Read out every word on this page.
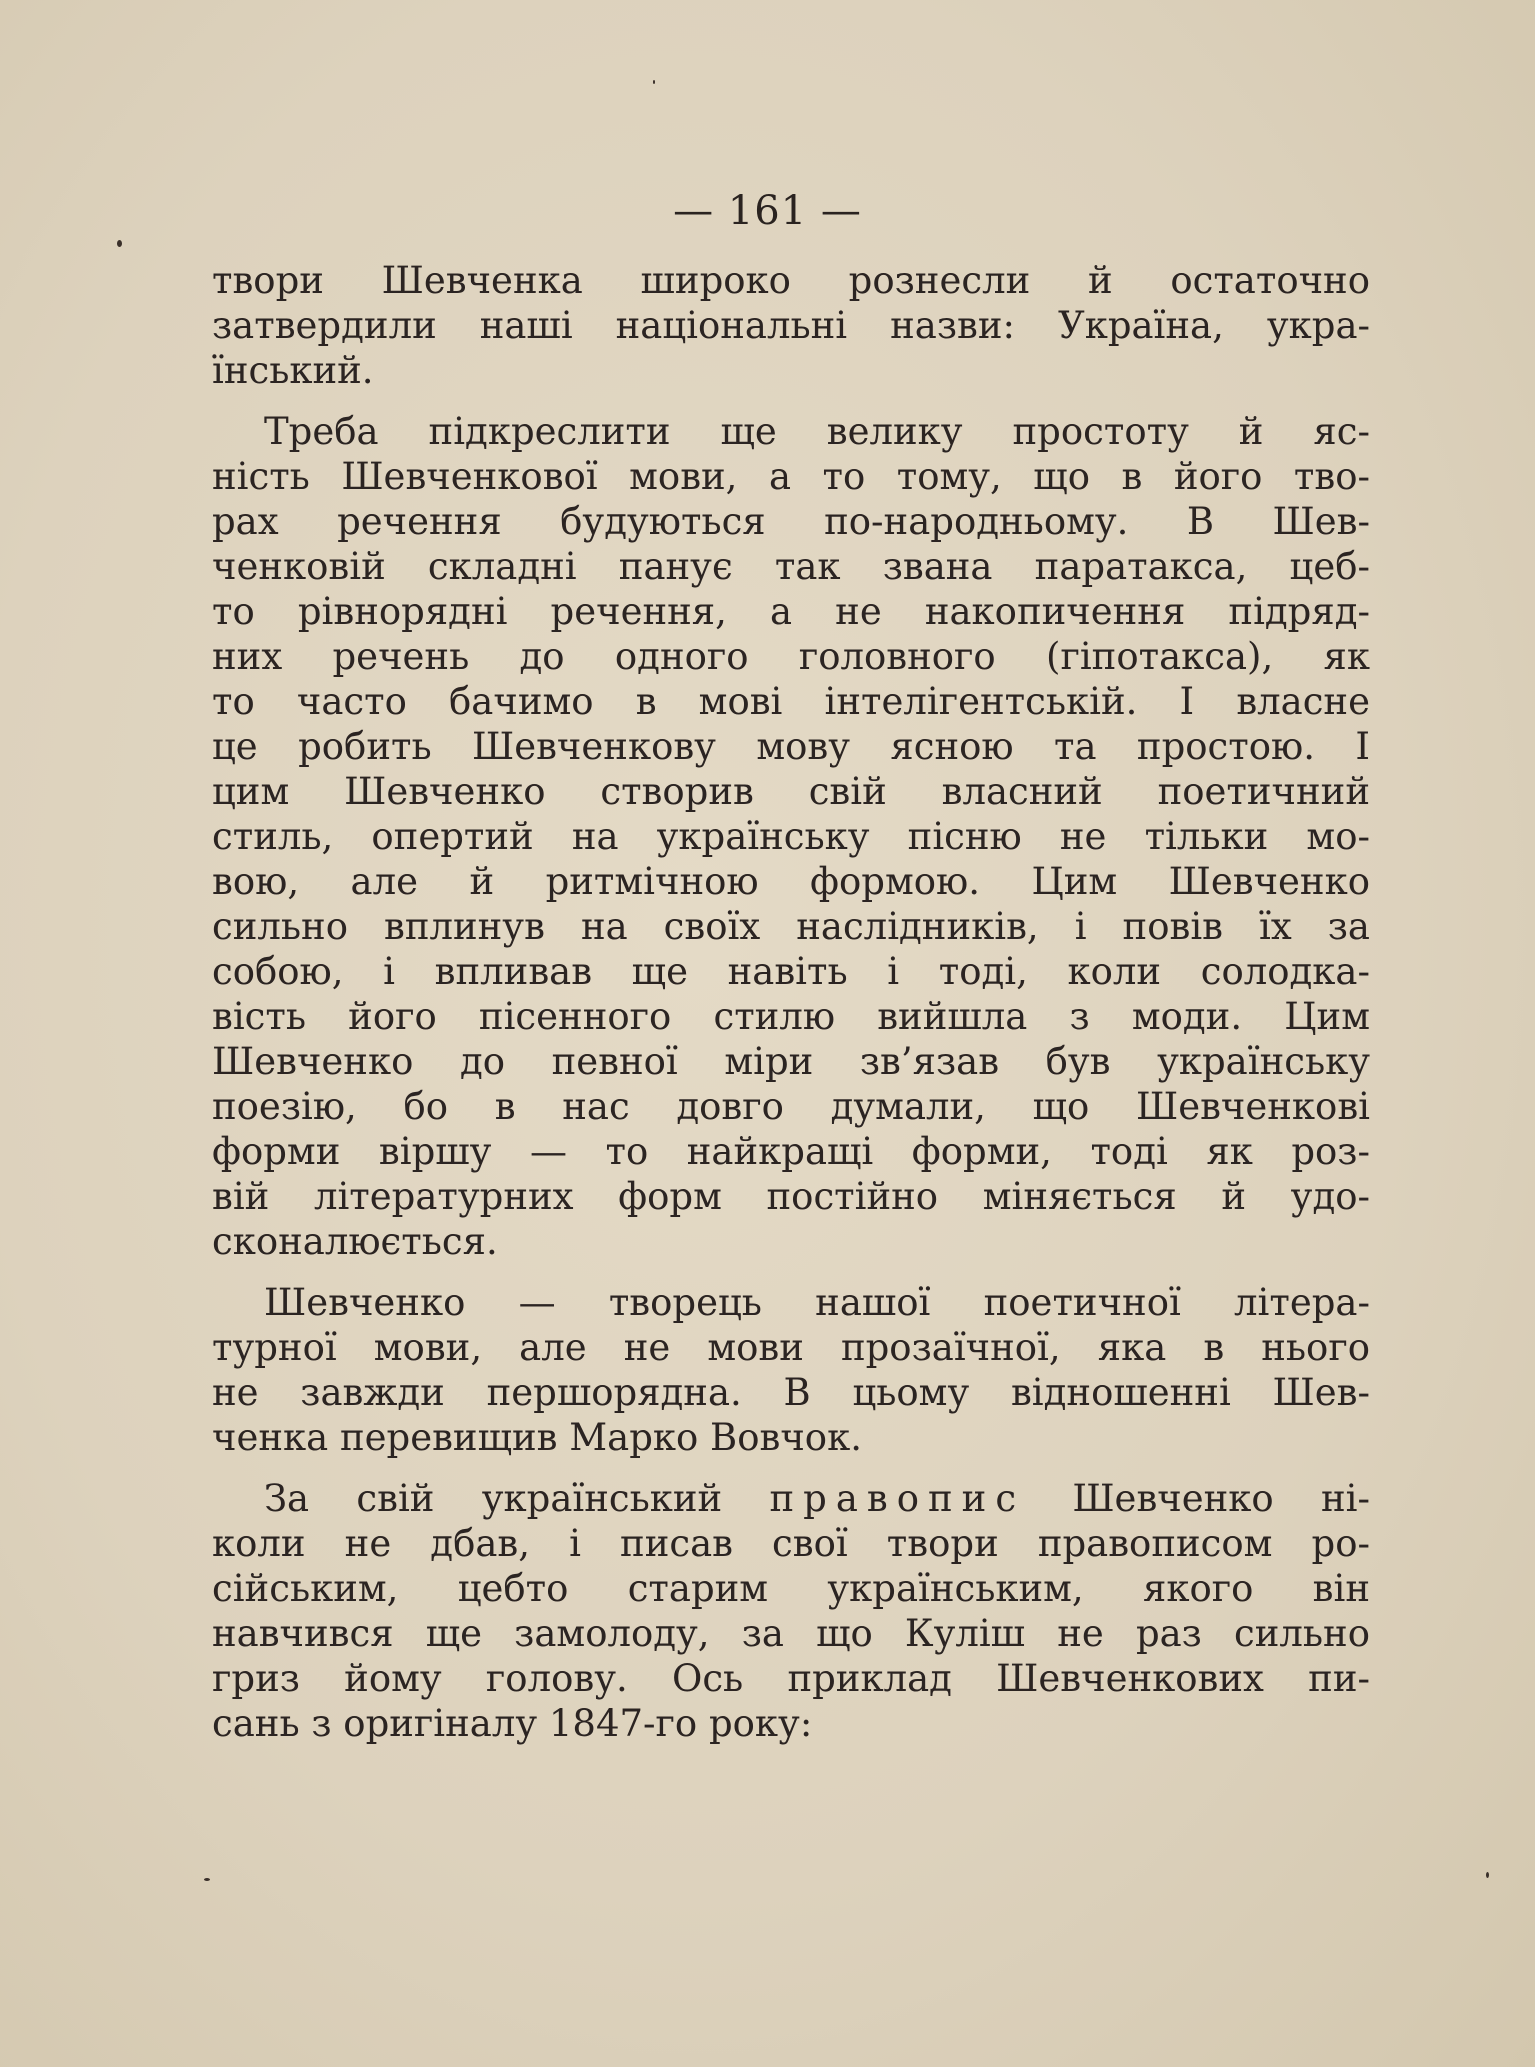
— 161 —
твори Шевченка широко рознесли й остаточно
затвердили наші національні назви: Україна, укра-
їнський.
Треба підкреслити ще велику простоту й яс-
ність Шевченкової мови, а то тому, що в його тво-
рах речення будуються по-народньому. В Шев-
ченковій складні панує так звана паратакса, цеб-
то рівнорядні речення, а не накопичення підряд-
них речень до одного головного (гіпотакса), як
то часто бачимо в мові інтелігентській. І власне
це робить Шевченкову мову ясною та простою. І
цим Шевченко створив свій власний поетичний
стиль, опертий на українську пісню не тільки мо-
вою, але й ритмічною формою. Цим Шевченко
сильно вплинув на своїх наслідників, і повів їх за
собою, і впливав ще навіть і тоді, коли солодка-
вість його пісенного стилю вийшла з моди. Цим
Шевченко до певної міри зв’язав був українську
поезію, бо в нас довго думали, що Шевченкові
форми віршу — то найкращі форми, тоді як роз-
вій літературних форм постійно міняється й удо-
сконалюється.
Шевченко — творець нашої поетичної літера-
турної мови, але не мови прозаїчної, яка в нього
не завжди першорядна. В цьому відношенні Шев-
ченка перевищив Марко Вовчок.
За свій український правопис Шевченко ні-
коли не дбав, і писав свої твори правописом ро-
сійським, цебто старим українським, якого він
навчився ще замолоду, за що Куліш не раз сильно
гриз йому голову. Ось приклад Шевченкових пи-
сань з оригіналу 1847-го року:
